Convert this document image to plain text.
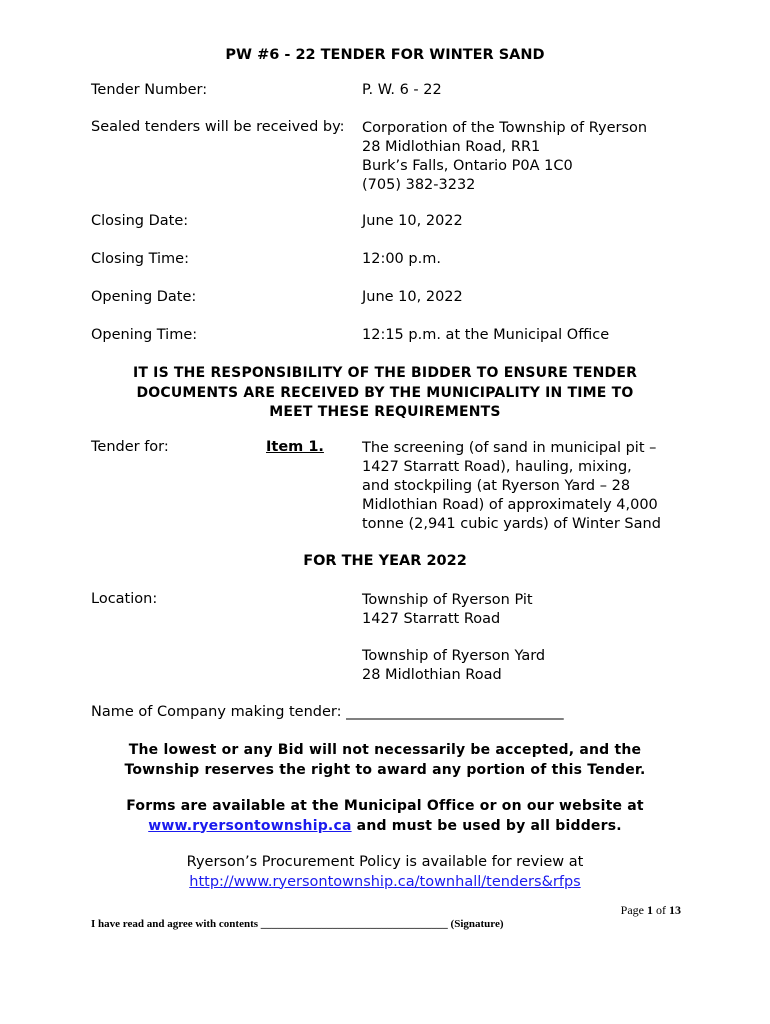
PW #6 - 22 TENDER FOR WINTER SAND
Tender Number:	P. W. 6 - 22
Sealed tenders will be received by: Corporation of the Township of Ryerson
28 Midlothian Road, RR1
Burk’s Falls, Ontario P0A 1C0
(705) 382-3232
Closing Date:	June 10, 2022
Closing Time:	12:00 p.m.
Opening Date:	June 10, 2022
Opening Time:	12:15 p.m. at the Municipal Office
IT IS THE RESPONSIBILITY OF THE BIDDER TO ENSURE TENDER
DOCUMENTS ARE RECEIVED BY THE MUNICIPALITY IN TIME TO
MEET THESE REQUIREMENTS
Tender for:	Item 1.	The screening (of sand in municipal pit –
1427 Starratt Road), hauling, mixing,
and stockpiling (at Ryerson Yard – 28
Midlothian Road) of approximately 4,000
tonne (2,941 cubic yards) of Winter Sand
FOR THE YEAR 2022
Location:	Township of Ryerson Pit
1427 Starratt Road
Township of Ryerson Yard
28 Midlothian Road
Name of Company making tender: ______________________________
The lowest or any Bid will not necessarily be accepted, and the
Township reserves the right to award any portion of this Tender.
Forms are available at the Municipal Office or on our website at
www.ryersontownship.ca and must be used by all bidders.
Ryerson’s Procurement Policy is available for review at
http://www.ryersontownship.ca/townhall/tenders&rfps
Page 1 of 13
I have read and agree with contents __________________________________ (Signature)
